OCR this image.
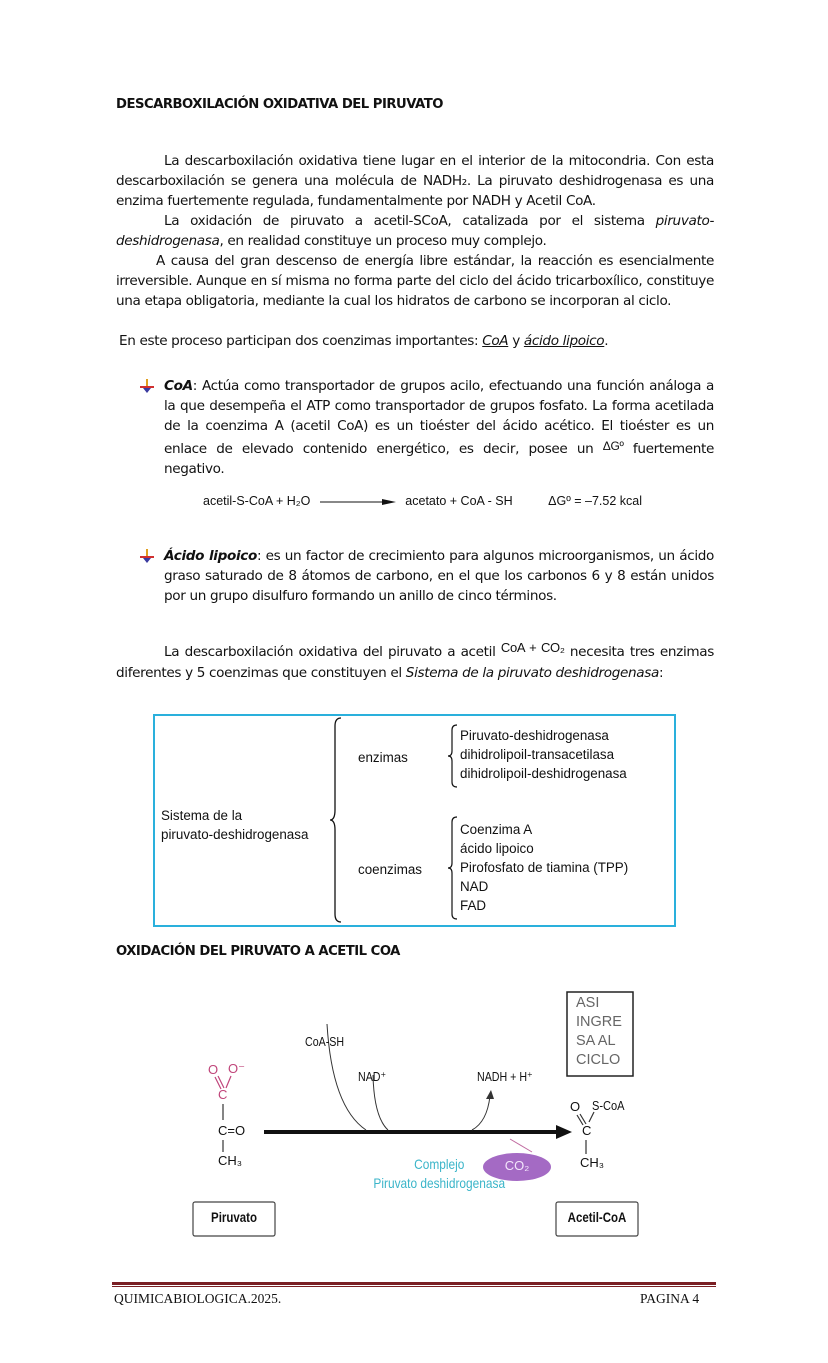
DESCARBOXILACIÓN OXIDATIVA DEL PIRUVATO
La descarboxilación oxidativa tiene lugar en el interior de la mitocondria. Con esta descarboxilación se genera una molécula de NADH₂. La piruvato deshidrogenasa es una enzima fuertemente regulada, fundamentalmente por NADH y Acetil CoA.
La oxidación de piruvato a acetil-SCoA, catalizada por el sistema piruvato-deshidrogenasa, en realidad constituye un proceso muy complejo.
A causa del gran descenso de energía libre estándar, la reacción es esencialmente irreversible. Aunque en sí misma no forma parte del ciclo del ácido tricarboxílico, constituye una etapa obligatoria, mediante la cual los hidratos de carbono se incorporan al ciclo.
En este proceso participan dos coenzimas importantes: CoA y ácido lipoico.
CoA: Actúa como transportador de grupos acilo, efectuando una función análoga a la que desempeña el ATP como transportador de grupos fosfato. La forma acetilada de la coenzima A (acetil CoA) es un tioéster del ácido acético. El tioéster es un enlace de elevado contenido energético, es decir, posee un ΔGº fuertemente negativo.
acetil-S-CoA + H₂O	acetato + CoA - SH	ΔGº = –7.52 kcal
Ácido lipoico: es un factor de crecimiento para algunos microorganismos, un ácido graso saturado de 8 átomos de carbono, en el que los carbonos 6 y 8 están unidos por un grupo disulfuro formando un anillo de cinco términos.
La descarboxilación oxidativa del piruvato a acetil CoA + CO₂ necesita tres enzimas diferentes y 5 coenzimas que constituyen el Sistema de la piruvato deshidrogenasa:
Sistema de la
piruvato-deshidrogenasa
enzimas
Piruvato-deshidrogenasa
dihidrolipoil-transacetilasa
dihidrolipoil-deshidrogenasa
coenzimas
Coenzima A
ácido lipoico
Pirofosfato de tiamina (TPP)
NAD
FAD
OXIDACIÓN DEL PIRUVATO A ACETIL COA
ASI
INGRE
SA AL
CICLO
CoA-SH
NAD⁺	NADH + H⁺
Complejo
Piruvato deshidrogenasa
CO₂
O O⁻
C
C=O
CH₃
O S-CoA
C
CH₃
Piruvato	Acetil-CoA
QUIMICABIOLOGICA.2025.	PAGINA 4
